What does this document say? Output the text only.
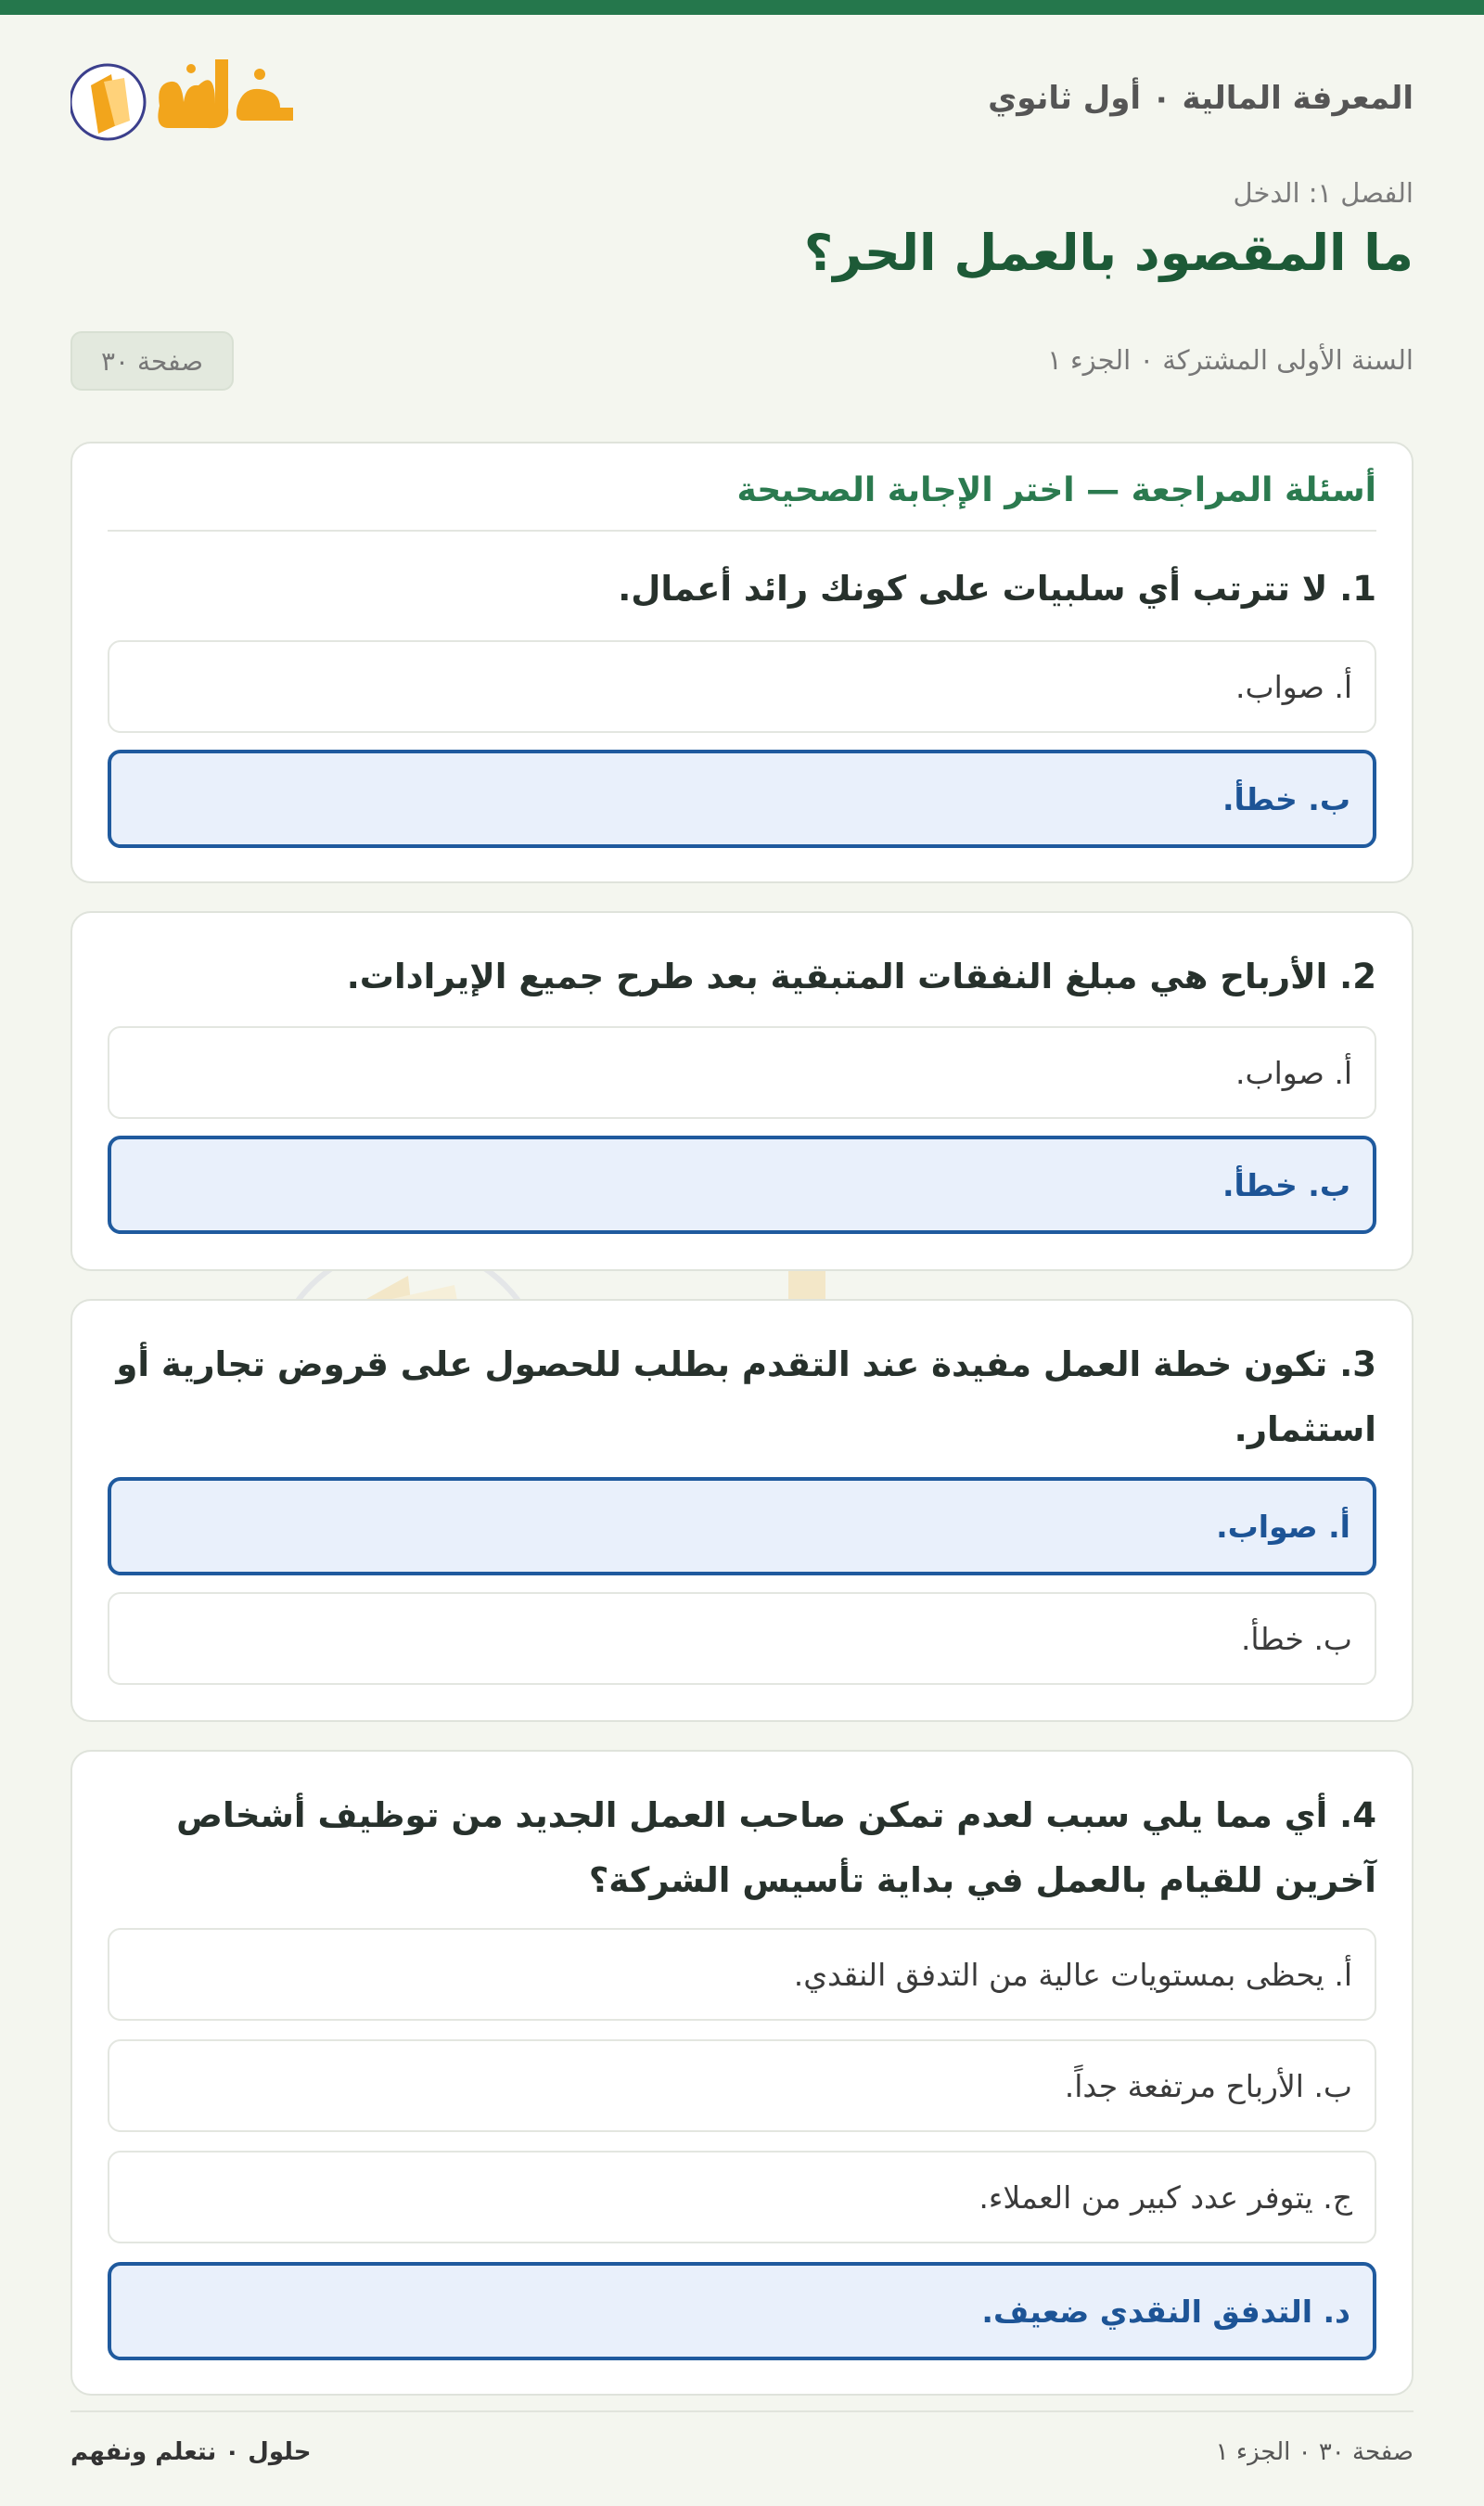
المعرفة المالية ٠ أول ثانوي

الفصل ١: الدخل

ما المقصود بالعمل الحر؟
السنة الأولى المشتركة ٠ الجزء ١
صفحة ٣٠
أسئلة المراجعة — اختر الإجابة الصحيحة
1. لا تترتب أي سلبيات على كونك رائد أعمال.
أ. صواب.
ب. خطأ.
2. الأرباح هي مبلغ النفقات المتبقية بعد طرح جميع الإيرادات.
أ. صواب.
ب. خطأ.
3. تكون خطة العمل مفيدة عند التقدم بطلب للحصول على قروض تجارية أو استثمار.
أ. صواب.
ب. خطأ.
4. أي مما يلي سبب لعدم تمكن صاحب العمل الجديد من توظيف أشخاص آخرين للقيام بالعمل في بداية تأسيس الشركة؟
أ. يحظى بمستويات عالية من التدفق النقدي.
ب. الأرباح مرتفعة جداً.
ج. يتوفر عدد كبير من العملاء.
د. التدفق النقدي ضعيف.
صفحة ٣٠ ٠ الجزء ١
حلول ٠ نتعلم ونفهم
